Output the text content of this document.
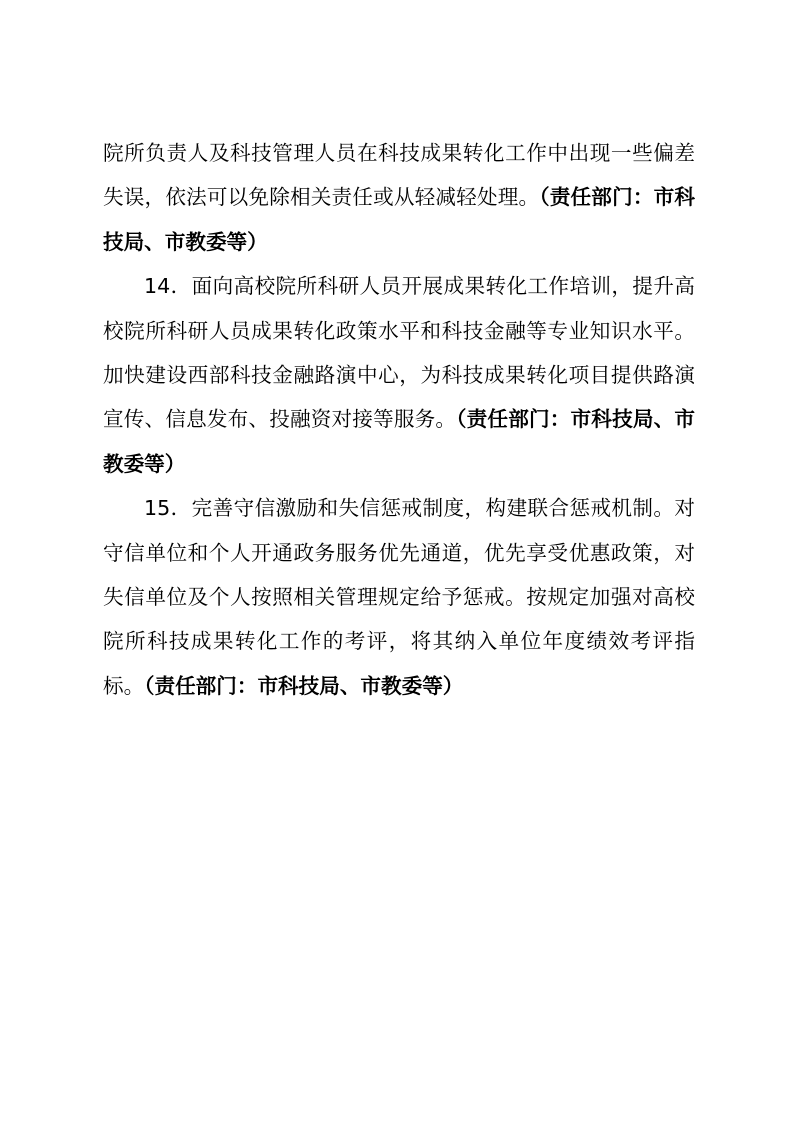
院所负责人及科技管理人员在科技成果转化工作中出现一些偏差失误，依法可以免除相关责任或从轻减轻处理。（责任部门：市科技局、市教委等）

14．面向高校院所科研人员开展成果转化工作培训，提升高校院所科研人员成果转化政策水平和科技金融等专业知识水平。加快建设西部科技金融路演中心，为科技成果转化项目提供路演宣传、信息发布、投融资对接等服务。（责任部门：市科技局、市教委等）

15．完善守信激励和失信惩戒制度，构建联合惩戒机制。对守信单位和个人开通政务服务优先通道，优先享受优惠政策，对失信单位及个人按照相关管理规定给予惩戒。按规定加强对高校院所科技成果转化工作的考评，将其纳入单位年度绩效考评指标。（责任部门：市科技局、市教委等）
